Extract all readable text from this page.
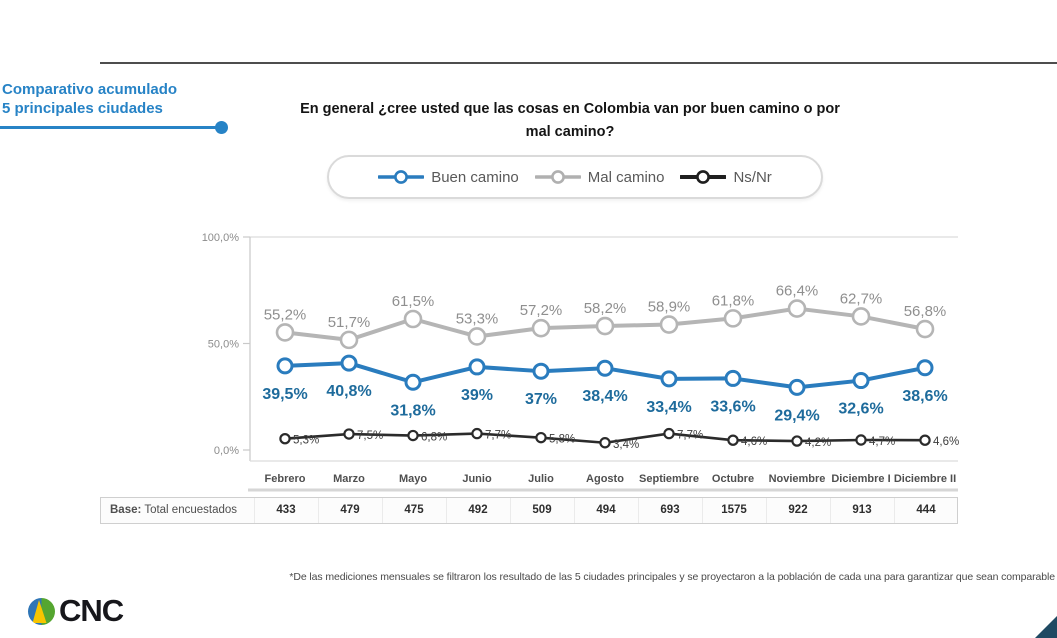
Comparativo acumulado
5 principales ciudades	En general ¿cree usted que las cosas en Colombia van por buen camino o por
mal camino?
Buen camino	Mal camino	Ns/Nr
100,0%
50,0%
0,0%
Febrero	Marzo	Mayo	Junio	Julio	Agosto Septiembre Octubre Noviembre Diciembre I Diciembre II
55,2% 51,7%
61,5%
53,3% 57,2% 58,2% 58,9% 61,8%
66,4% 62,7%
56,8%
39,5% 40,8%
31,8%
39% 37% 38,4%
33,4% 33,6%
29,4% 32,6%
38,6%
5,3%	7,5%	6,8%	7,7%	5,8%	3,4%
7,7%
4,6%	4,2%	4,7%	4,6%
Base: Total encuestados	433	479	475	492	509	494	693	1575	922	913	444
*De las mediciones mensuales se filtraron los resultado de las 5 ciudades principales y se proyectaron a la población de cada una para garantizar que sean comparable
CNC
